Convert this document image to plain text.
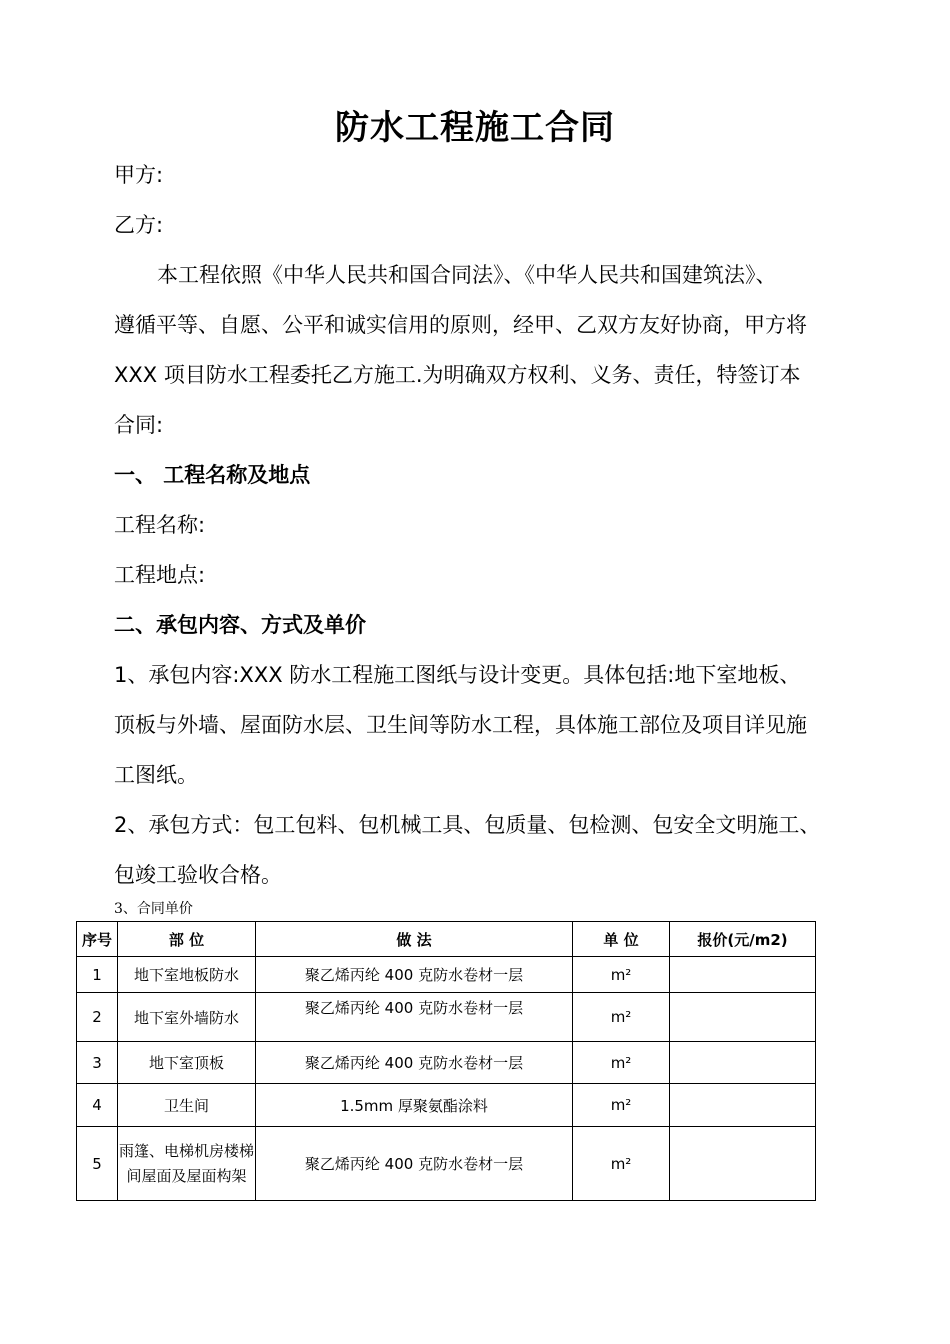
防水工程施工合同
甲方:
乙方:
本工程依照《中华人民共和国合同法》、《中华人民共和国建筑法》、
遵循平等、自愿、公平和诚实信用的原则，经甲、乙双方友好协商，甲方将
XXX 项目防水工程委托乙方施工.为明确双方权利、义务、责任，特签订本
合同:
一、 工程名称及地点
工程名称:
工程地点:
二、承包内容、方式及单价
1、承包内容:XXX 防水工程施工图纸与设计变更。具体包括:地下室地板、
顶板与外墙、屋面防水层、卫生间等防水工程，具体施工部位及项目详见施
工图纸。
2、承包方式：包工包料、包机械工具、包质量、包检测、包安全文明施工、
包竣工验收合格。
3、合同单价
序号	部 位	做 法	单 位	报价(元/m2)
1	地下室地板防水	聚乙烯丙纶 400 克防水卷材一层	m²	
2	地下室外墙防水	聚乙烯丙纶 400 克防水卷材一层	m²	
3	地下室顶板	聚乙烯丙纶 400 克防水卷材一层	m²	
4	卫生间	1.5mm 厚聚氨酯涂料	m²	
5	雨篷、电梯机房楼梯间屋面及屋面构架	聚乙烯丙纶 400 克防水卷材一层	m²	
